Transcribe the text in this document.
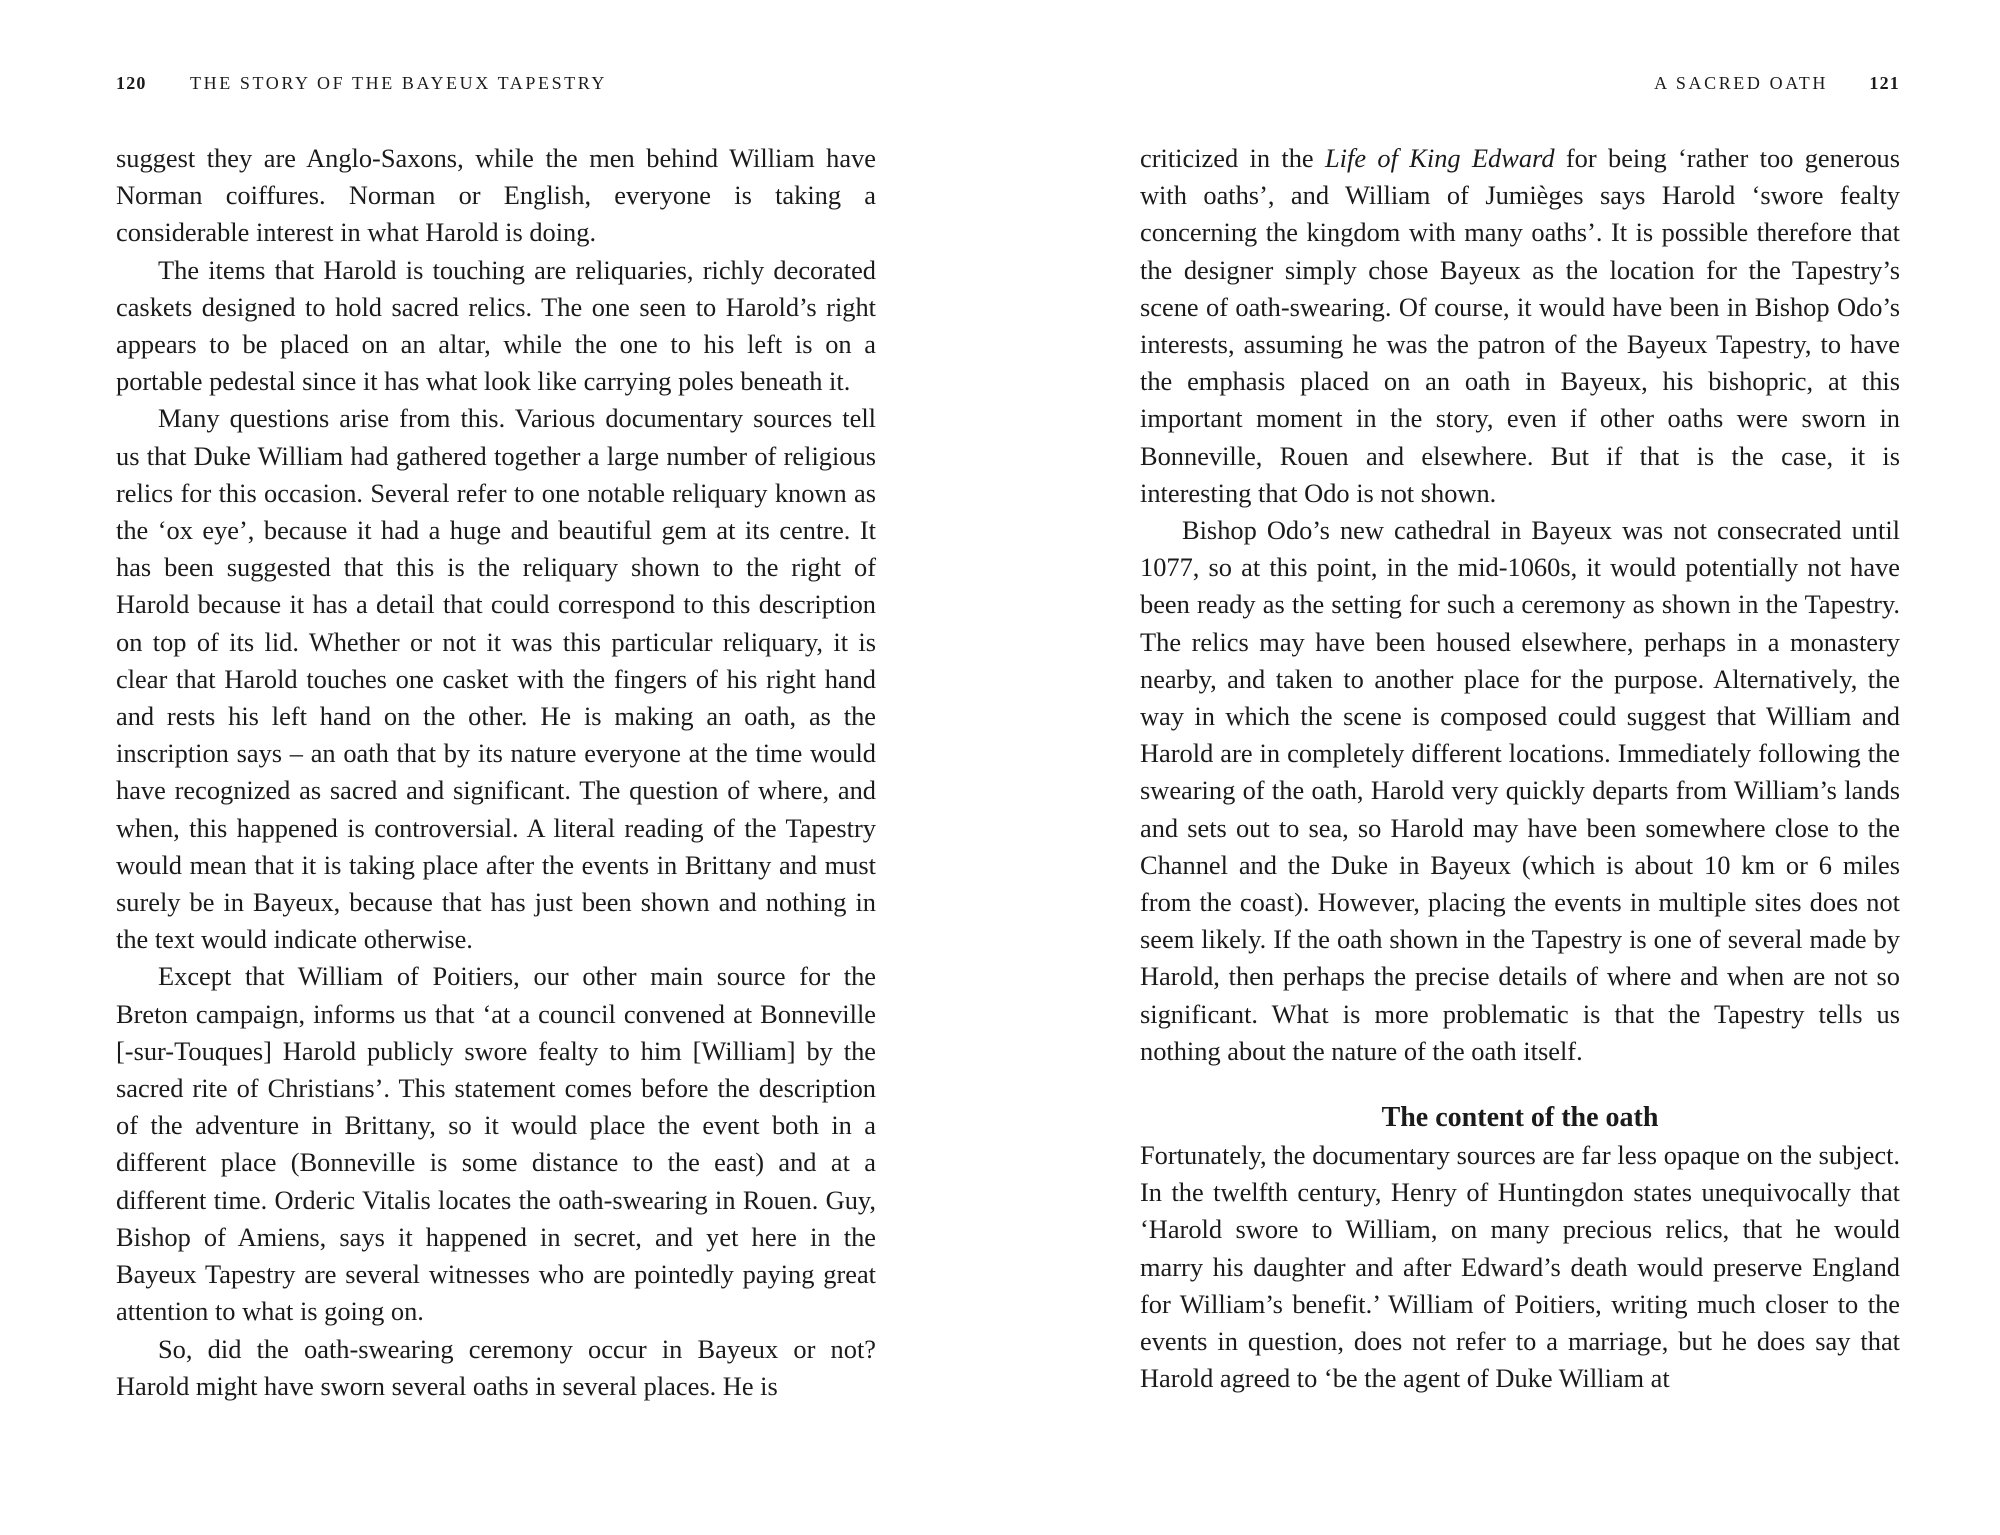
120 THE STORY OF THE BAYEUX TAPESTRY

suggest they are Anglo-Saxons, while the men behind William have Norman coiffures. Norman or English, everyone is taking a considerable interest in what Harold is doing.

The items that Harold is touching are reliquaries, richly decorated caskets designed to hold sacred relics. The one seen to Harold’s right appears to be placed on an altar, while the one to his left is on a portable pedestal since it has what look like carrying poles beneath it.

Many questions arise from this. Various documentary sources tell us that Duke William had gathered together a large number of religious relics for this occasion. Several refer to one notable reliquary known as the ‘ox eye’, because it had a huge and beautiful gem at its centre. It has been suggested that this is the reliquary shown to the right of Harold because it has a detail that could correspond to this description on top of its lid. Whether or not it was this particular reliquary, it is clear that Harold touches one casket with the fingers of his right hand and rests his left hand on the other. He is making an oath, as the inscription says – an oath that by its nature everyone at the time would have recognized as sacred and significant. The question of where, and when, this happened is controversial. A literal reading of the Tapestry would mean that it is taking place after the events in Brittany and must surely be in Bayeux, because that has just been shown and nothing in the text would indicate otherwise.

Except that William of Poitiers, our other main source for the Breton campaign, informs us that ‘at a council convened at Bonneville [-sur-Touques] Harold publicly swore fealty to him [William] by the sacred rite of Christians’. This statement comes before the description of the adventure in Brittany, so it would place the event both in a different place (Bonneville is some distance to the east) and at a different time. Orderic Vitalis locates the oath-swearing in Rouen. Guy, Bishop of Amiens, says it happened in secret, and yet here in the Bayeux Tapestry are several witnesses who are pointedly paying great attention to what is going on.

So, did the oath-swearing ceremony occur in Bayeux or not? Harold might have sworn several oaths in several places. He is

A SACRED OATH 121

criticized in the Life of King Edward for being ‘rather too generous with oaths’, and William of Jumièges says Harold ‘swore fealty concerning the kingdom with many oaths’. It is possible therefore that the designer simply chose Bayeux as the location for the Tapestry’s scene of oath-swearing. Of course, it would have been in Bishop Odo’s interests, assuming he was the patron of the Bayeux Tapestry, to have the emphasis placed on an oath in Bayeux, his bishopric, at this important moment in the story, even if other oaths were sworn in Bonneville, Rouen and elsewhere. But if that is the case, it is interesting that Odo is not shown.

Bishop Odo’s new cathedral in Bayeux was not consecrated until 1077, so at this point, in the mid-1060s, it would potentially not have been ready as the setting for such a ceremony as shown in the Tapestry. The relics may have been housed elsewhere, perhaps in a monastery nearby, and taken to another place for the purpose. Alternatively, the way in which the scene is composed could suggest that William and Harold are in completely different locations. Immediately following the swearing of the oath, Harold very quickly departs from William’s lands and sets out to sea, so Harold may have been somewhere close to the Channel and the Duke in Bayeux (which is about 10 km or 6 miles from the coast). However, placing the events in multiple sites does not seem likely. If the oath shown in the Tapestry is one of several made by Harold, then perhaps the precise details of where and when are not so significant. What is more problematic is that the Tapestry tells us nothing about the nature of the oath itself.

The content of the oath

Fortunately, the documentary sources are far less opaque on the subject. In the twelfth century, Henry of Huntingdon states unequivocally that ‘Harold swore to William, on many precious relics, that he would marry his daughter and after Edward’s death would preserve England for William’s benefit.’ William of Poitiers, writing much closer to the events in question, does not refer to a marriage, but he does say that Harold agreed to ‘be the agent of Duke William at
